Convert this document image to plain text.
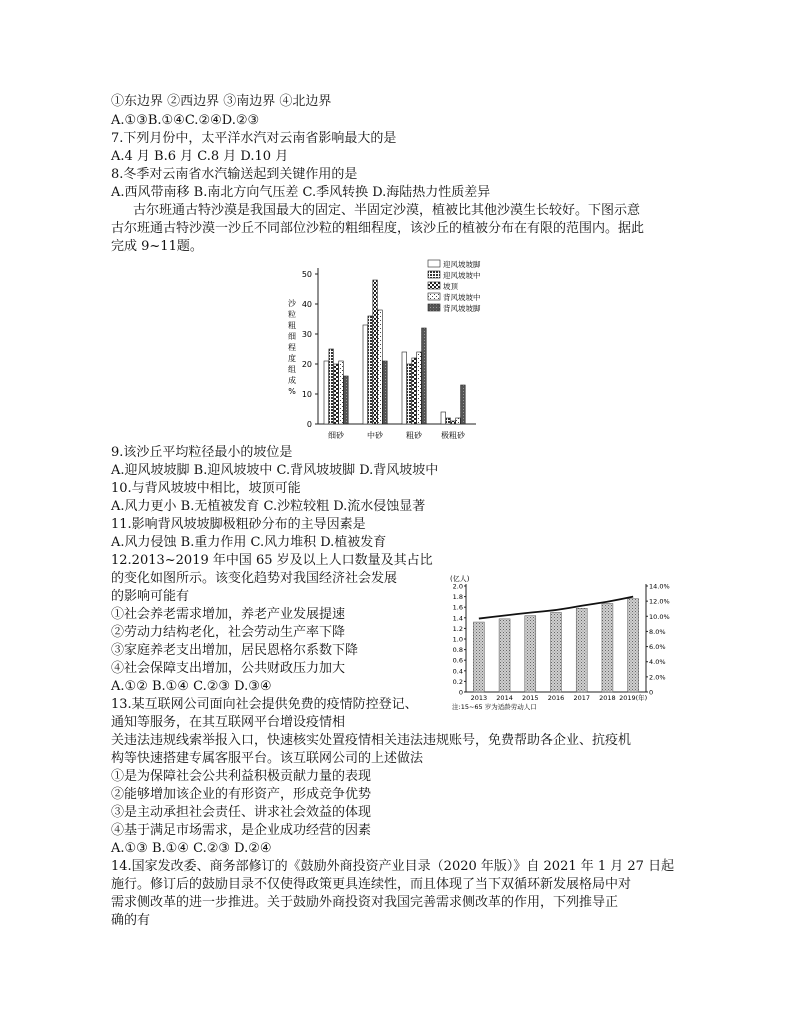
①东边界 ②西边界 ③南边界 ④北边界
A.①③B.①④C.②④D.②③
7.下列月份中，太平洋水汽对云南省影响最大的是
A.4 月 B.6 月 C.8 月 D.10 月
8.冬季对云南省水汽输送起到关键作用的是
A.西风带南移 B.南北方向气压差 C.季风转换 D.海陆热力性质差异
古尔班通古特沙漠是我国最大的固定、半固定沙漠，植被比其他沙漠生长较好。下图示意
古尔班通古特沙漠一沙丘不同部位沙粒的粗细程度，该沙丘的植被分布在有限的范围内。据此
完成 9~11题。
50
40
30
20
10
0
沙
粒
粗
细
程
度
组
成
%
细砂	中砂	粗砂 极粗砂
迎风坡坡脚
迎风坡坡中
坡顶
背风坡坡中
背风坡坡脚
9.该沙丘平均粒径最小的坡位是
A.迎风坡坡脚 B.迎风坡坡中 C.背风坡坡脚 D.背风坡坡中
10.与背风坡坡中相比，坡顶可能
A.风力更小 B.无植被发育 C.沙粒较粗 D.流水侵蚀显著
11.影响背风坡坡脚极粗砂分布的主导因素是
A.风力侵蚀 B.重力作用 C.风力堆积 D.植被发育
12.2013~2019 年中国 65 岁及以上人口数量及其占比
的变化如图所示。该变化趋势对我国经济社会发展
的影响可能有
①社会养老需求增加，养老产业发展提速
②劳动力结构老化，社会劳动生产率下降
③家庭养老支出增加，居民恩格尔系数下降
④社会保障支出增加，公共财政压力加大
A.①② B.①④ C.②③ D.③④
13.某互联网公司面向社会提供免费的疫情防控登记、
通知等服务，在其互联网平台增设疫情相
(亿人)
2.0
1.8
1.6
1.4
1.2
1.0
0.8
0.6
0.4
0.2
0
14.0%
12.0%
10.0%
8.0%
6.0%
4.0%
2.0%
0
2013 2014 2015 2016 2017 2018 2019(年)
注:15~65 岁为适龄劳动人口
关违法违规线索举报入口，快速核实处置疫情相关违法违规账号，免费帮助各企业、抗疫机
构等快速搭建专属客服平台。该互联网公司的上述做法
①是为保障社会公共利益积极贡献力量的表现
②能够增加该企业的有形资产，形成竞争优势
③是主动承担社会责任、讲求社会效益的体现
④基于满足市场需求，是企业成功经营的因素
A.①③ B.①④ C.②③ D.②④
14.国家发改委、商务部修订的《鼓励外商投资产业目录（2020 年版）》自 2021 年 1 月 27 日起
施行。修订后的鼓励目录不仅使得政策更具连续性，而且体现了当下双循环新发展格局中对
需求侧改革的进一步推进。关于鼓励外商投资对我国完善需求侧改革的作用，下列推导正
确的有
